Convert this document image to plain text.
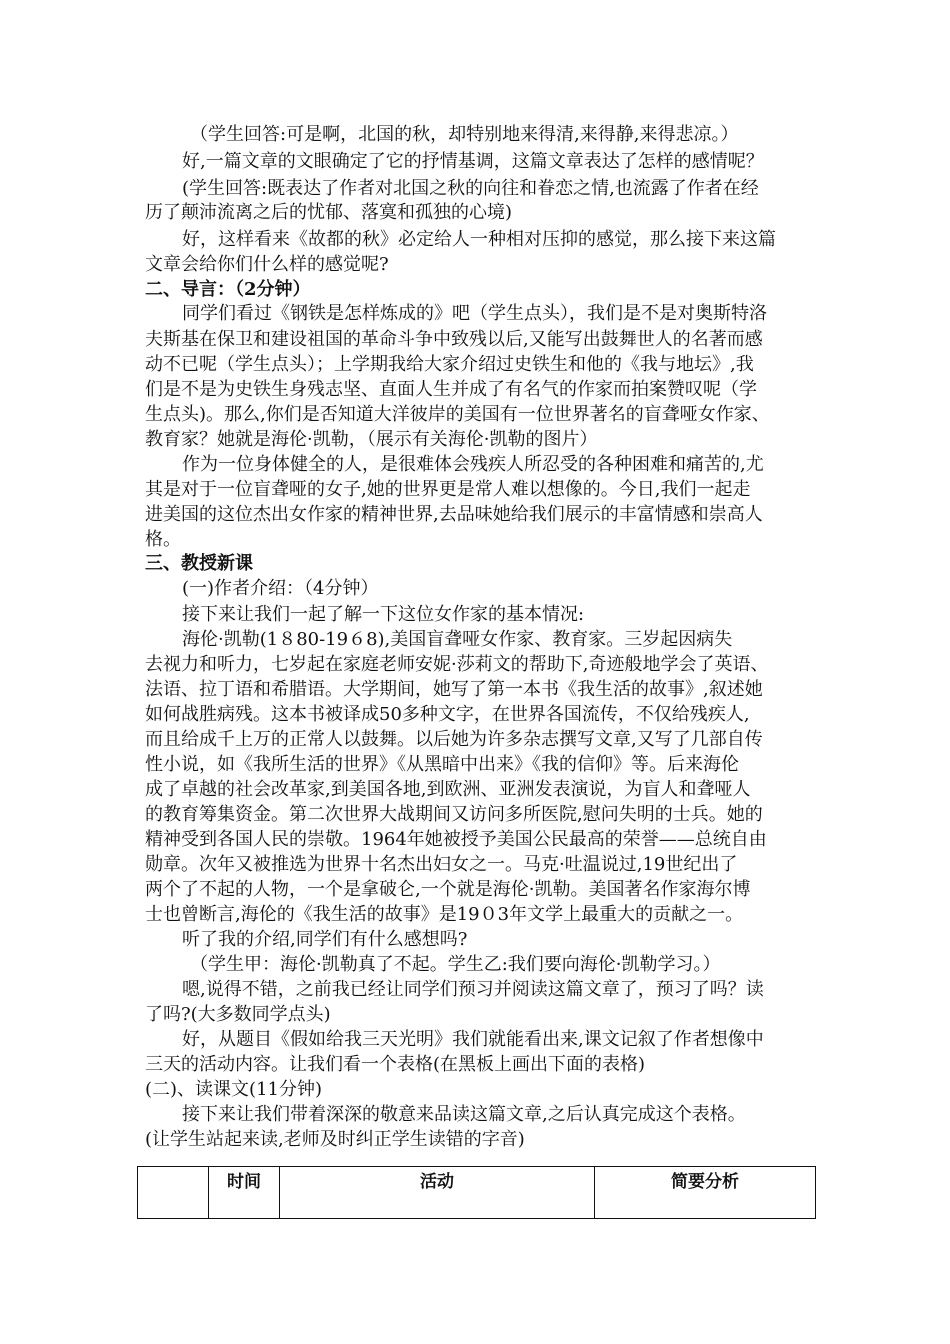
（学生回答:可是啊，北国的秋，却特别地来得清,来得静,来得悲凉。）
好,一篇文章的文眼确定了它的抒情基调，这篇文章表达了怎样的感情呢？
(学生回答:既表达了作者对北国之秋的向往和眷恋之情,也流露了作者在经
历了颠沛流离之后的忧郁、落寞和孤独的心境)
好，这样看来《故都的秋》必定给人一种相对压抑的感觉，那么接下来这篇
文章会给你们什么样的感觉呢?
二、导言：（2分钟）
同学们看过《钢铁是怎样炼成的》吧（学生点头），我们是不是对奥斯特洛
夫斯基在保卫和建设祖国的革命斗争中致残以后,又能写出鼓舞世人的名著而感
动不已呢（学生点头）；上学期我给大家介绍过史铁生和他的《我与地坛》,我
们是不是为史铁生身残志坚、直面人生并成了有名气的作家而拍案赞叹呢（学
生点头)。那么,你们是否知道大洋彼岸的美国有一位世界著名的盲聋哑女作家、
教育家？她就是海伦·凯勒，（展示有关海伦·凯勒的图片）
作为一位身体健全的人，是很难体会残疾人所忍受的各种困难和痛苦的,尤
其是对于一位盲聋哑的女子,她的世界更是常人难以想像的。今日,我们一起走
进美国的这位杰出女作家的精神世界,去品味她给我们展示的丰富情感和崇高人
格。
三、教授新课
(一)作者介绍：（4分钟）
接下来让我们一起了解一下这位女作家的基本情况:
海伦·凯勒(1８80-19６8),美国盲聋哑女作家、教育家。三岁起因病失
去视力和听力，七岁起在家庭老师安妮·莎莉文的帮助下,奇迹般地学会了英语、
法语、拉丁语和希腊语。大学期间，她写了第一本书《我生活的故事》,叙述她
如何战胜病残。这本书被译成50多种文字，在世界各国流传，不仅给残疾人,
而且给成千上万的正常人以鼓舞。以后她为许多杂志撰写文章,又写了几部自传
性小说，如《我所生活的世界》《从黑暗中出来》《我的信仰》等。后来海伦
成了卓越的社会改革家,到美国各地,到欧洲、亚洲发表演说，为盲人和聋哑人
的教育筹集资金。第二次世界大战期间又访问多所医院,慰问失明的士兵。她的
精神受到各国人民的崇敬。1964年她被授予美国公民最高的荣誉——总统自由
勋章。次年又被推选为世界十名杰出妇女之一。马克·吐温说过,19世纪出了
两个了不起的人物，一个是拿破仑,一个就是海伦·凯勒。美国著名作家海尔博
士也曾断言,海伦的《我生活的故事》是19０3年文学上最重大的贡献之一。
听了我的介绍,同学们有什么感想吗?
（学生甲：海伦·凯勒真了不起。学生乙:我们要向海伦·凯勒学习。）
嗯,说得不错，之前我已经让同学们预习并阅读这篇文章了，预习了吗？读
了吗?(大多数同学点头)
好，从题目《假如给我三天光明》我们就能看出来,课文记叙了作者想像中
三天的活动内容。让我们看一个表格(在黑板上画出下面的表格)
(二)、读课文(11分钟)
接下来让我们带着深深的敬意来品读这篇文章,之后认真完成这个表格。
(让学生站起来读,老师及时纠正学生读错的字音)
	时间	活动	简要分析
